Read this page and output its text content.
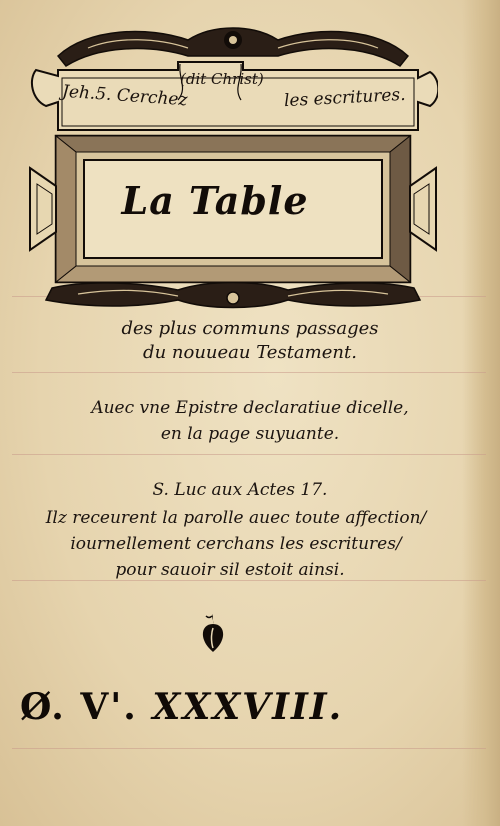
Jeh.5. Cerchez
(dit Christ)
les escritures.
La Table
des plus communs passages
du nouueau Testament.
Auec vne Epistre declaratiue dicelle,
en la page suyuante.
S. Luc aux Actes 17.
Ilz receurent la parolle auec toute affection/
iournellement cerchans les escritures/
pour sauoir sil estoit ainsi.
Ø. V'. XXXVIII.
